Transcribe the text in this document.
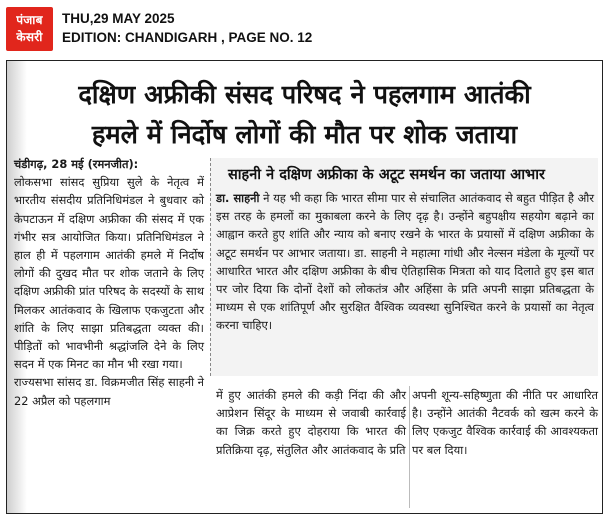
पंजाब
केसरी
THU,29 MAY 2025
EDITION: CHANDIGARH , PAGE NO. 12
दक्षिण अफ्रीकी संसद परिषद ने पहलगाम आतंकी
हमले में निर्दोष लोगों की मौत पर शोक जताया

चंडीगढ़, 28 मई (रमनजीत):

लोकसभा सांसद सुप्रिया सुले के नेतृत्व में भारतीय संसदीय प्रतिनिधिमंडल ने बुधवार को केपटाऊन में दक्षिण अफ्रीका की संसद में एक गंभीर सत्र आयोजित किया। प्रतिनिधिमंडल ने हाल ही में पहलगाम आतंकी हमले में निर्दोष लोगों की दुखद मौत पर शोक जताने के लिए दक्षिण अफ्रीकी प्रांत परिषद के सदस्यों के साथ मिलकर आतंकवाद के खिलाफ एकजुटता और शांति के लिए साझा प्रतिबद्धता व्यक्त की। पीड़ितों को भावभीनी श्रद्धांजलि देने के लिए सदन में एक मिनट का मौन भी रखा गया।

राज्यसभा सांसद डा. विक्रमजीत सिंह साहनी ने 22 अप्रैल को पहलगाम

साहनी ने दक्षिण अफ्रीका के अटूट समर्थन का जताया आभार

डा. साहनी ने यह भी कहा कि भारत सीमा पार से संचालित आतंकवाद से बहुत पीड़ित है और इस तरह के हमलों का मुकाबला करने के लिए दृढ़ है। उन्होंने बहुपक्षीय सहयोग बढ़ाने का आह्वान करते हुए शांति और न्याय को बनाए रखने के भारत के प्रयासों में दक्षिण अफ्रीका के अटूट समर्थन पर आभार जताया। डा. साहनी ने महात्मा गांधी और नेल्सन मंडेला के मूल्यों पर आधारित भारत और दक्षिण अफ्रीका के बीच ऐतिहासिक मित्रता को याद दिलाते हुए इस बात पर जोर दिया कि दोनों देशों को लोकतंत्र और अहिंसा के प्रति अपनी साझा प्रतिबद्धता के माध्यम से एक शांतिपूर्ण और सुरक्षित वैश्विक व्यवस्था सुनिश्चित करने के प्रयासों का नेतृत्व करना चाहिए।

में हुए आतंकी हमले की कड़ी निंदा की और आप्रेशन सिंदूर के माध्यम से जवाबी कार्रवाई का जिक्र करते हुए दोहराया कि भारत की प्रतिक्रिया दृढ़, संतुलित और आतंकवाद के प्रति
अपनी शून्य-सहिष्णुता की नीति पर आधारित है। उन्होंने आतंकी नैटवर्क को खत्म करने के लिए एकजुट वैश्विक कार्रवाई की आवश्यकता पर बल दिया।
